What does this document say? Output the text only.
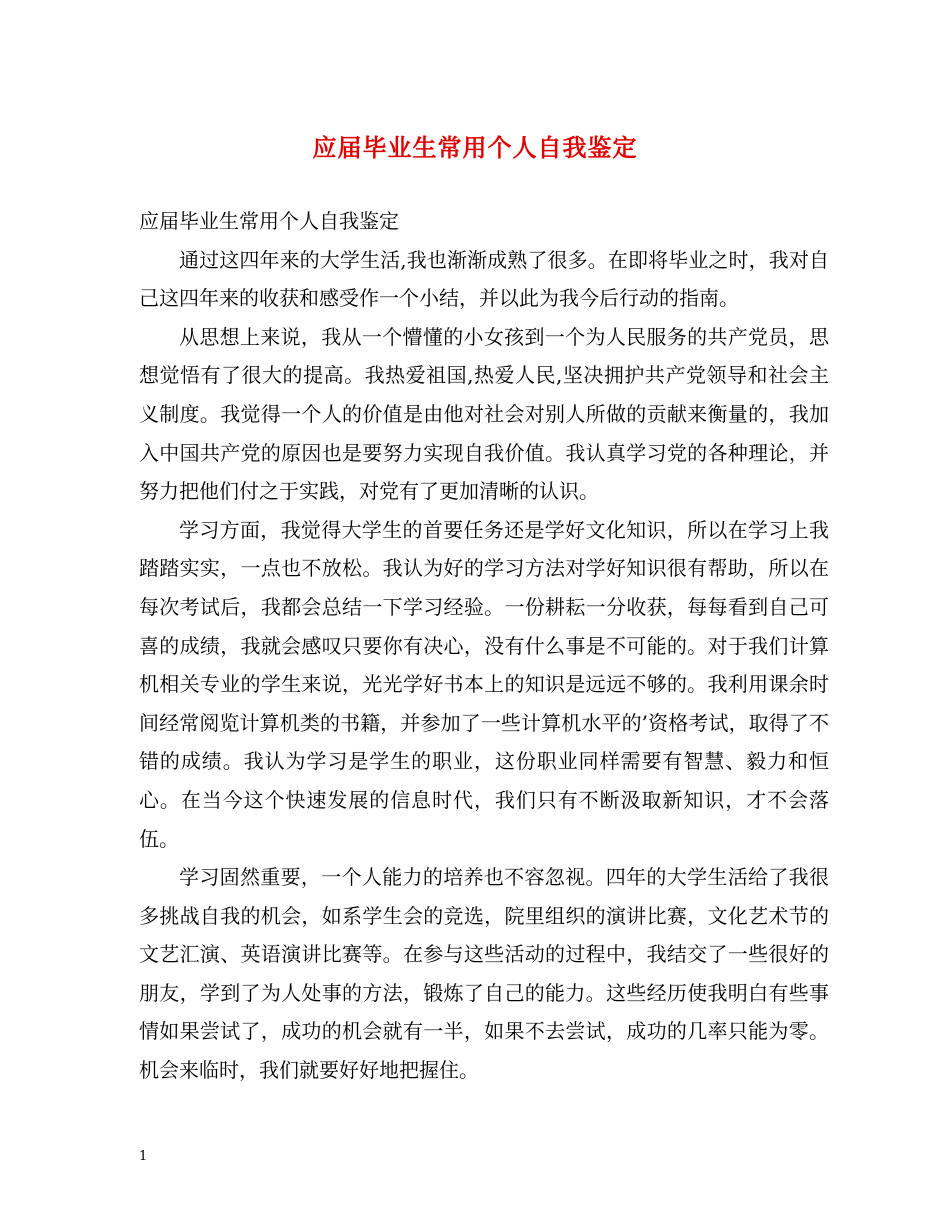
应届毕业生常用个人自我鉴定

应届毕业生常用个人自我鉴定

通过这四年来的大学生活,我也渐渐成熟了很多。在即将毕业之时，我对自己这四年来的收获和感受作一个小结，并以此为我今后行动的指南。

从思想上来说，我从一个懵懂的小女孩到一个为人民服务的共产党员，思想觉悟有了很大的提高。我热爱祖国,热爱人民,坚决拥护共产党领导和社会主义制度。我觉得一个人的价值是由他对社会对别人所做的贡献来衡量的，我加入中国共产党的原因也是要努力实现自我价值。我认真学习党的各种理论，并努力把他们付之于实践，对党有了更加清晰的认识。

学习方面，我觉得大学生的首要任务还是学好文化知识，所以在学习上我踏踏实实，一点也不放松。我认为好的学习方法对学好知识很有帮助，所以在每次考试后，我都会总结一下学习经验。一份耕耘一分收获，每每看到自己可喜的成绩，我就会感叹只要你有决心，没有什么事是不可能的。对于我们计算机相关专业的学生来说，光光学好书本上的知识是远远不够的。我利用课余时间经常阅览计算机类的书籍，并参加了一些计算机水平的’资格考试，取得了不错的成绩。我认为学习是学生的职业，这份职业同样需要有智慧、毅力和恒心。在当今这个快速发展的信息时代，我们只有不断汲取新知识，才不会落伍。

学习固然重要，一个人能力的培养也不容忽视。四年的大学生活给了我很多挑战自我的机会，如系学生会的竞选，院里组织的演讲比赛，文化艺术节的文艺汇演、英语演讲比赛等。在参与这些活动的过程中，我结交了一些很好的朋友，学到了为人处事的方法，锻炼了自己的能力。这些经历使我明白有些事情如果尝试了，成功的机会就有一半，如果不去尝试，成功的几率只能为零。机会来临时，我们就要好好地把握住。

1
